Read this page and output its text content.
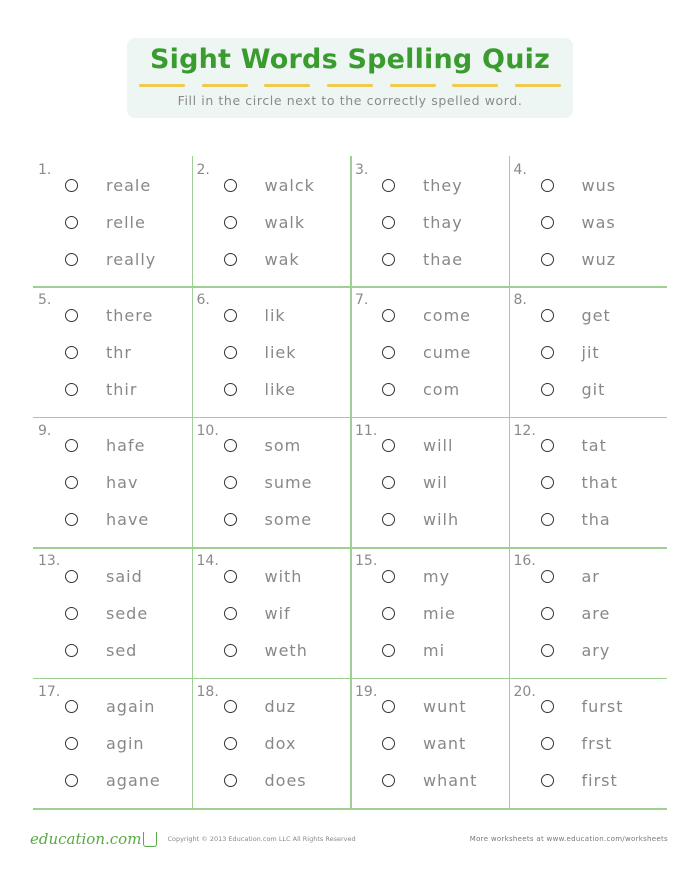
Sight Words Spelling Quiz
Fill in the circle next to the correctly spelled word.
1.
reale
relle
really
2.
walck
walk
wak
3.
they
thay
thae
4.
wus
was
wuz
5.
there
thr
thir
6.
lik
liek
like
7.
come
cume
com
8.
get
jit
git
9.
hafe
hav
have
10.
som
sume
some
11.
will
wil
wilh
12.
tat
that
tha
13.
said
sede
sed
14.
with
wif
weth
15.
my
mie
mi
16.
ar
are
ary
17.
again
agin
agane
18.
duz
dox
does
19.
wunt
want
whant
20.
furst
frst
first
education.com	Copyright © 2013 Education.com LLC All Rights Reserved	More worksheets at www.education.com/worksheets
